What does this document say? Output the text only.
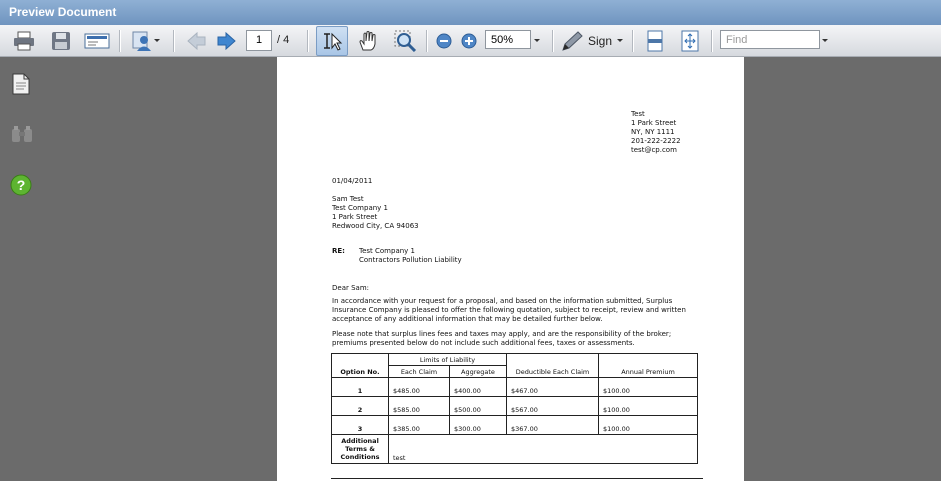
Preview Document
1	/ 4	50%	Sign	Find
?
Test
1 Park Street
NY, NY 1111
201-222-2222
test@cp.com
01/04/2011
Sam Test
Test Company 1
1 Park Street
Redwood City, CA 94063
RE: Test Company 1
Contractors Pollution Liability
Dear Sam:
In accordance with your request for a proposal, and based on the information submitted, Surplus Insurance Company is pleased to offer the following quotation, subject to receipt, review and written acceptance of any additional information that may be detailed further below.
Please note that surplus lines fees and taxes may apply, and are the responsibility of the broker; premiums presented below do not include such additional fees, taxes or assessments.
Option No.	Limits of Liability		Deductible Each Claim	Annual Premium
	Each Claim	Aggregate		
1	$485.00	$400.00	$467.00	$100.00
2	$585.00	$500.00	$567.00	$100.00
3	$385.00	$300.00	$367.00	$100.00
Additional Terms & Conditions	test			
